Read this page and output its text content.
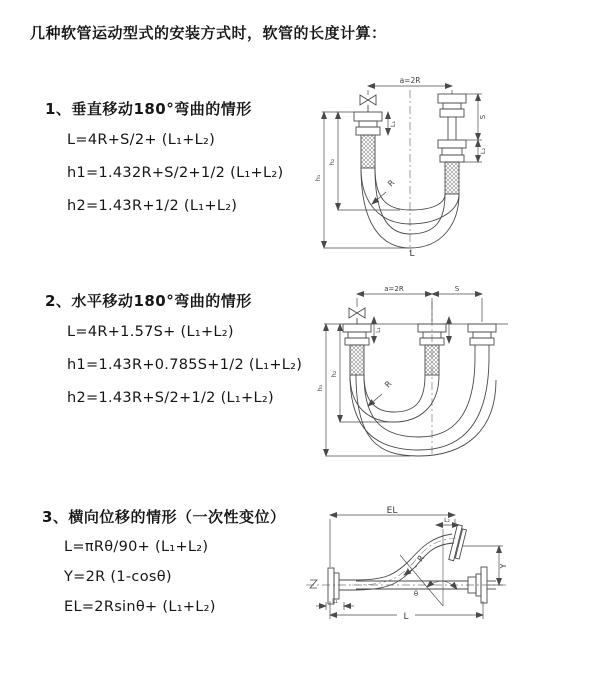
几种软管运动型式的安装方式时，软管的长度计算：
1、垂直移动180°弯曲的情形

L=4R+S/2+ (L₁+L₂)

h1=1.432R+S/2+1/2 (L₁+L₂)

h2=1.43R+1/2 (L₁+L₂)

2、水平移动180°弯曲的情形

L=4R+1.57S+ (L₁+L₂)

h1=1.43R+0.785S+1/2 (L₁+L₂)

h2=1.43R+S/2+1/2 (L₁+L₂)

3、横向位移的情形（一次性变位）

L=πRθ/90+ (L₁+L₂)

Y=2R (1-cosθ)

EL=2Rsinθ+ (L₁+L₂)

a=2R
L₁
S
L₂
h₁
h₂
R
L
a=2R	S
L₁
h₁
h₂
R
EL
L₂
θ
R
Y
L₁
L
